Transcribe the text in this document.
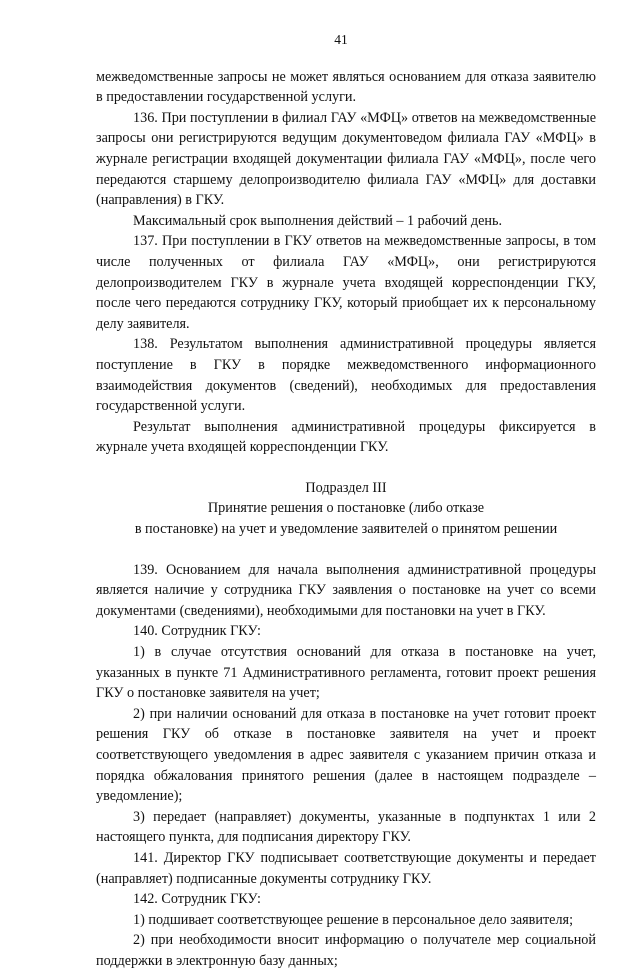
41

межведомственные запросы не может являться основанием для отказа заявителю в предоставлении государственной услуги.

136. При поступлении в филиал ГАУ «МФЦ» ответов на межведомственные запросы они регистрируются ведущим документоведом филиала ГАУ «МФЦ» в журнале регистрации входящей документации филиала ГАУ «МФЦ», после чего передаются старшему делопроизводителю филиала ГАУ «МФЦ» для доставки (направления) в ГКУ.

Максимальный срок выполнения действий – 1 рабочий день.

137. При поступлении в ГКУ ответов на межведомственные запросы, в том числе полученных от филиала ГАУ «МФЦ», они регистрируются делопроизводителем ГКУ в журнале учета входящей корреспонденции ГКУ, после чего передаются сотруднику ГКУ, который приобщает их к персональному делу заявителя.

138. Результатом выполнения административной процедуры является поступление в ГКУ в порядке межведомственного информационного взаимодействия документов (сведений), необходимых для предоставления государственной услуги.

Результат выполнения административной процедуры фиксируется в журнале учета входящей корреспонденции ГКУ.

Подраздел III

Принятие решения о постановке (либо отказе

в постановке) на учет и уведомление заявителей о принятом решении

139. Основанием для начала выполнения административной процедуры является наличие у сотрудника ГКУ заявления о постановке на учет со всеми документами (сведениями), необходимыми для постановки на учет в ГКУ.

140. Сотрудник ГКУ:

1) в случае отсутствия оснований для отказа в постановке на учет, указанных в пункте 71 Административного регламента, готовит проект решения ГКУ о постановке заявителя на учет;

2) при наличии оснований для отказа в постановке на учет готовит проект решения ГКУ об отказе в постановке заявителя на учет и проект соответствующего уведомления в адрес заявителя с указанием причин отказа и порядка обжалования принятого решения (далее в настоящем подразделе – уведомление);

3) передает (направляет) документы, указанные в подпунктах 1 или 2 настоящего пункта, для подписания директору ГКУ.

141. Директор ГКУ подписывает соответствующие документы и передает (направляет) подписанные документы сотруднику ГКУ.

142. Сотрудник ГКУ:

1) подшивает соответствующее решение в персональное дело заявителя;

2) при необходимости вносит информацию о получателе мер социальной поддержки в электронную базу данных;
